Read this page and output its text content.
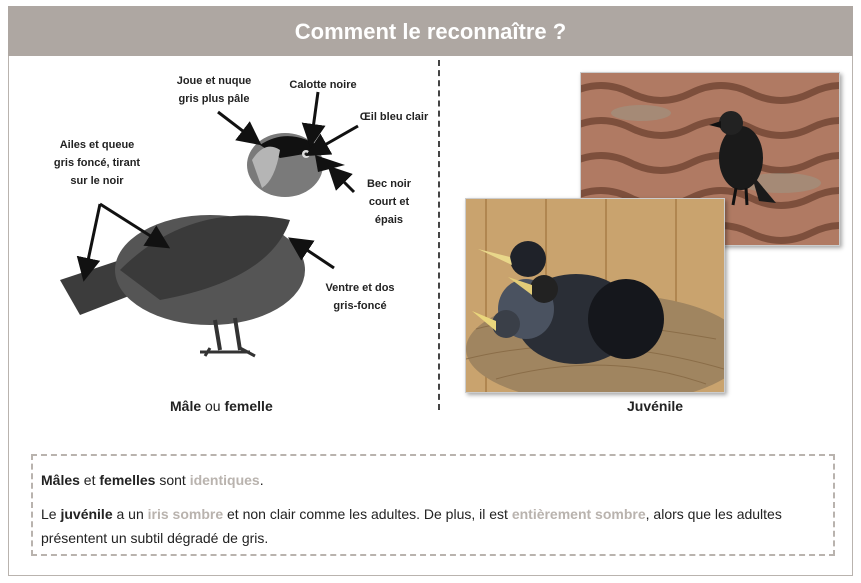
Comment le reconnaître ?
Joue et nuque
gris plus pâle
Calotte noire
Œil bleu clair
Ailes et queue
gris foncé, tirant
sur le noir	Bec noir
court et
épais
Ventre et dos
gris-foncé
Mâle ou femelle	Juvénile

Mâles et femelles sont identiques.

Le juvénile a un iris sombre et non clair comme les adultes. De plus, il est entièrement sombre, alors que les adultes présentent un subtil dégradé de gris.
